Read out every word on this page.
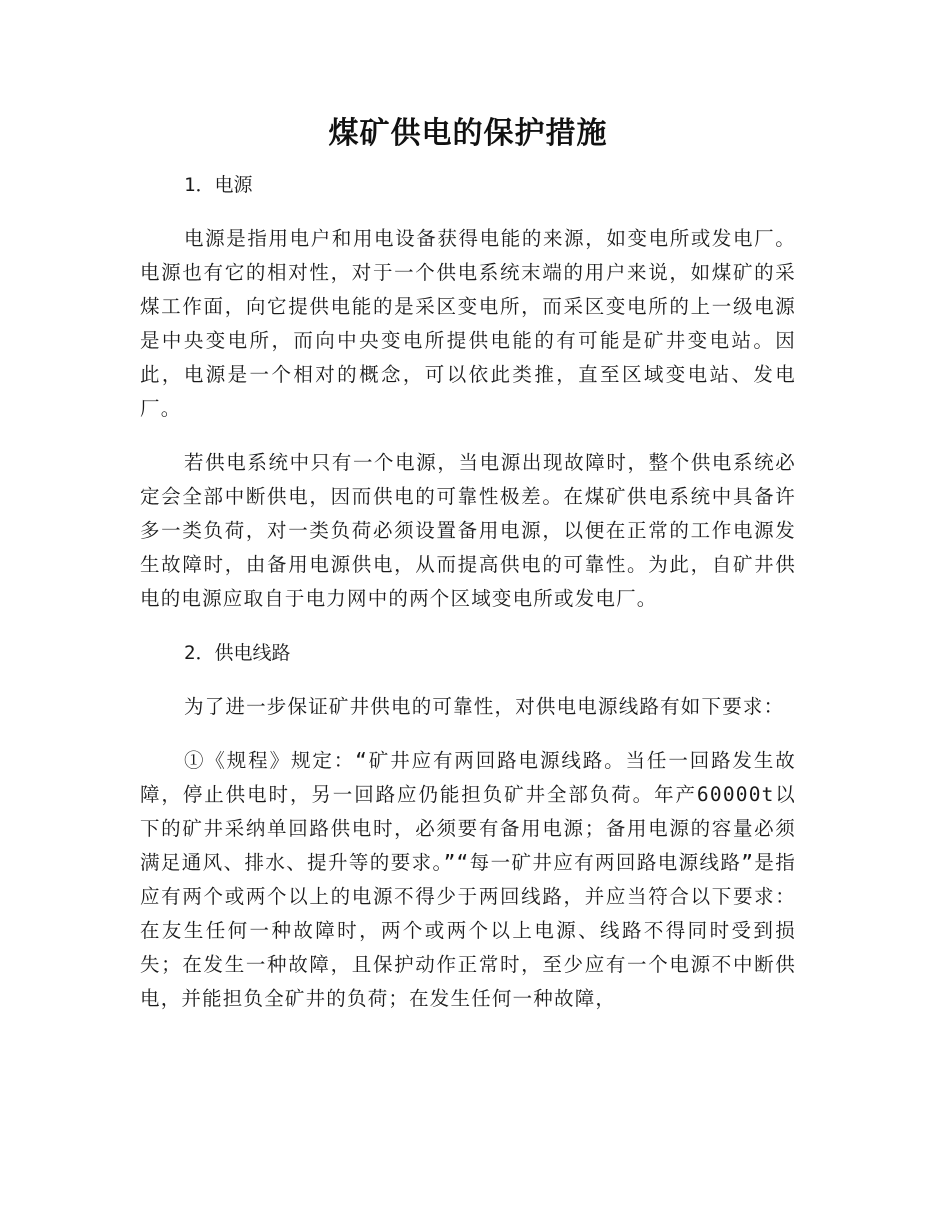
煤矿供电的保护措施
1．电源

电源是指用电户和用电设备获得电能的来源，如变电所或发电厂。电源也有它的相对性，对于一个供电系统末端的用户来说，如煤矿的采煤工作面，向它提供电能的是采区变电所，而采区变电所的上一级电源是中央变电所，而向中央变电所提供电能的有可能是矿井变电站。因此，电源是一个相对的概念，可以依此类推，直至区域变电站、发电厂。

若供电系统中只有一个电源，当电源出现故障时，整个供电系统必定会全部中断供电，因而供电的可靠性极差。在煤矿供电系统中具备许多一类负荷，对一类负荷必须设置备用电源，以便在正常的工作电源发生故障时，由备用电源供电，从而提高供电的可靠性。为此，自矿井供电的电源应取自于电力网中的两个区域变电所或发电厂。

2．供电线路

为了进一步保证矿井供电的可靠性，对供电电源线路有如下要求：

①《规程》规定：“矿井应有两回路电源线路。当任一回路发生故障，停止供电时，另一回路应仍能担负矿井全部负荷。年产60000t以下的矿井采纳单回路供电时，必须要有备用电源；备用电源的容量必须满足通风、排水、提升等的要求。”“每一矿井应有两回路电源线路”是指应有两个或两个以上的电源不得少于两回线路，并应当符合以下要求：在友生任何一种故障时，两个或两个以上电源、线路不得同时受到损失；在发生一种故障，且保护动作正常时，至少应有一个电源不中断供电，并能担负全矿井的负荷；在发生任何一种故障，
